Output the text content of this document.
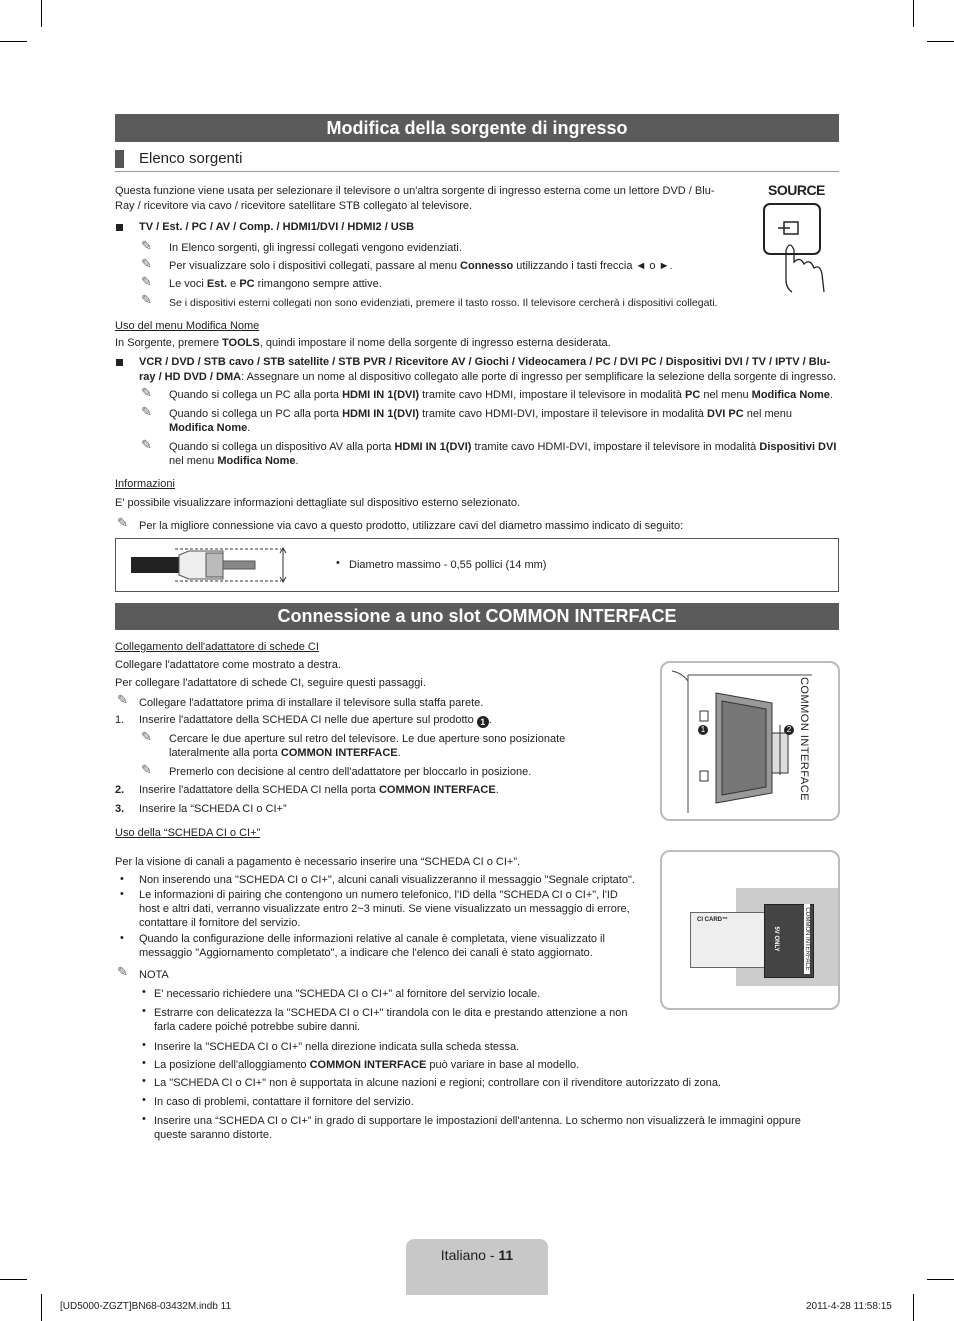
Modifica della sorgente di ingresso
Elenco sorgenti
Questa funzione viene usata per selezionare il televisore o un'altra sorgente di ingresso esterna come un lettore DVD / Blu-Ray / ricevitore via cavo / ricevitore satellitare STB collegato al televisore.
SOURCE
TV / Est. / PC / AV / Comp. / HDMI1/DVI / HDMI2 / USB
✎ In Elenco sorgenti, gli ingressi collegati vengono evidenziati.
✎ Per visualizzare solo i dispositivi collegati, passare al menu Connesso utilizzando i tasti freccia ◄ o ►.
✎ Le voci Est. e PC rimangono sempre attive.
✎ Se i dispositivi esterni collegati non sono evidenziati, premere il tasto rosso. Il televisore cercherà i dispositivi collegati.
Uso del menu Modifica Nome
In Sorgente, premere TOOLS, quindi impostare il nome della sorgente di ingresso esterna desiderata.
VCR / DVD / STB cavo / STB satellite / STB PVR / Ricevitore AV / Giochi / Videocamera / PC / DVI PC / Dispositivi DVI / TV / IPTV / Blu-
ray / HD DVD / DMA: Assegnare un nome al dispositivo collegato alle porte di ingresso per semplificare la selezione della sorgente di ingresso.
✎ Quando si collega un PC alla porta HDMI IN 1(DVI) tramite cavo HDMI, impostare il televisore in modalità PC nel menu Modifica Nome.
✎ Quando si collega un PC alla porta HDMI IN 1(DVI) tramite cavo HDMI-DVI, impostare il televisore in modalità DVI PC nel menu
Modifica Nome.
✎ Quando si collega un dispositivo AV alla porta HDMI IN 1(DVI) tramite cavo HDMI-DVI, impostare il televisore in modalità Dispositivi DVI
nel menu Modifica Nome.
Informazioni
E' possibile visualizzare informazioni dettagliate sul dispositivo esterno selezionato.
✎ Per la migliore connessione via cavo a questo prodotto, utilizzare cavi del diametro massimo indicato di seguito:
• Diametro massimo - 0,55 pollici (14 mm)
Connessione a uno slot COMMON INTERFACE
Collegamento dell'adattatore di schede CI
Collegare l'adattatore come mostrato a destra.
Per collegare l'adattatore di schede CI, seguire questi passaggi.
✎ Collegare l'adattatore prima di installare il televisore sulla staffa parete.
1. Inserire l'adattatore della SCHEDA CI nelle due aperture sul prodotto 1 .
✎ Cercare le due aperture sul retro del televisore. Le due aperture sono posizionate
lateralmente alla porta COMMON INTERFACE.
✎ Premerlo con decisione al centro dell'adattatore per bloccarlo in posizione.
2. Inserire l'adattatore della SCHEDA CI nella porta COMMON INTERFACE.
3. Inserire la “SCHEDA CI o CI+”
1	2 COMMON INTERFACE
Uso della “SCHEDA CI o CI+”
Per la visione di canali a pagamento è necessario inserire una “SCHEDA CI o CI+”.
• Non inserendo una "SCHEDA CI o CI+", alcuni canali visualizzeranno il messaggio "Segnale criptato".
• Le informazioni di pairing che contengono un numero telefonico, l'ID della "SCHEDA CI o CI+", l'ID
host e altri dati, verranno visualizzate entro 2~3 minuti. Se viene visualizzato un messaggio di errore,
contattare il fornitore del servizio.
• Quando la configurazione delle informazioni relative al canale è completata, viene visualizzato il
messaggio "Aggiornamento completato", a indicare che l'elenco dei canali è stato aggiornato.
✎ NOTA
CI CARD™	COMMON INTERFACE
5V ONLY
• E' necessario richiedere una "SCHEDA CI o CI+" al fornitore del servizio locale.
• Estrarre con delicatezza la "SCHEDA CI o CI+" tirandola con le dita e prestando attenzione a non
farla cadere poiché potrebbe subire danni.
• Inserire la "SCHEDA CI o CI+" nella direzione indicata sulla scheda stessa.
• La posizione dell'alloggiamento COMMON INTERFACE può variare in base al modello.
• La "SCHEDA CI o CI+" non è supportata in alcune nazioni e regioni; controllare con il rivenditore autorizzato di zona.
• In caso di problemi, contattare il fornitore del servizio.
• Inserire una “SCHEDA CI o CI+” in grado di supportare le impostazioni dell'antenna. Lo schermo non visualizzerà le immagini oppure
queste saranno distorte.
Italiano - 11
[UD5000-ZGZT]BN68-03432M.indb 11	2011-4-28 11:58:15
